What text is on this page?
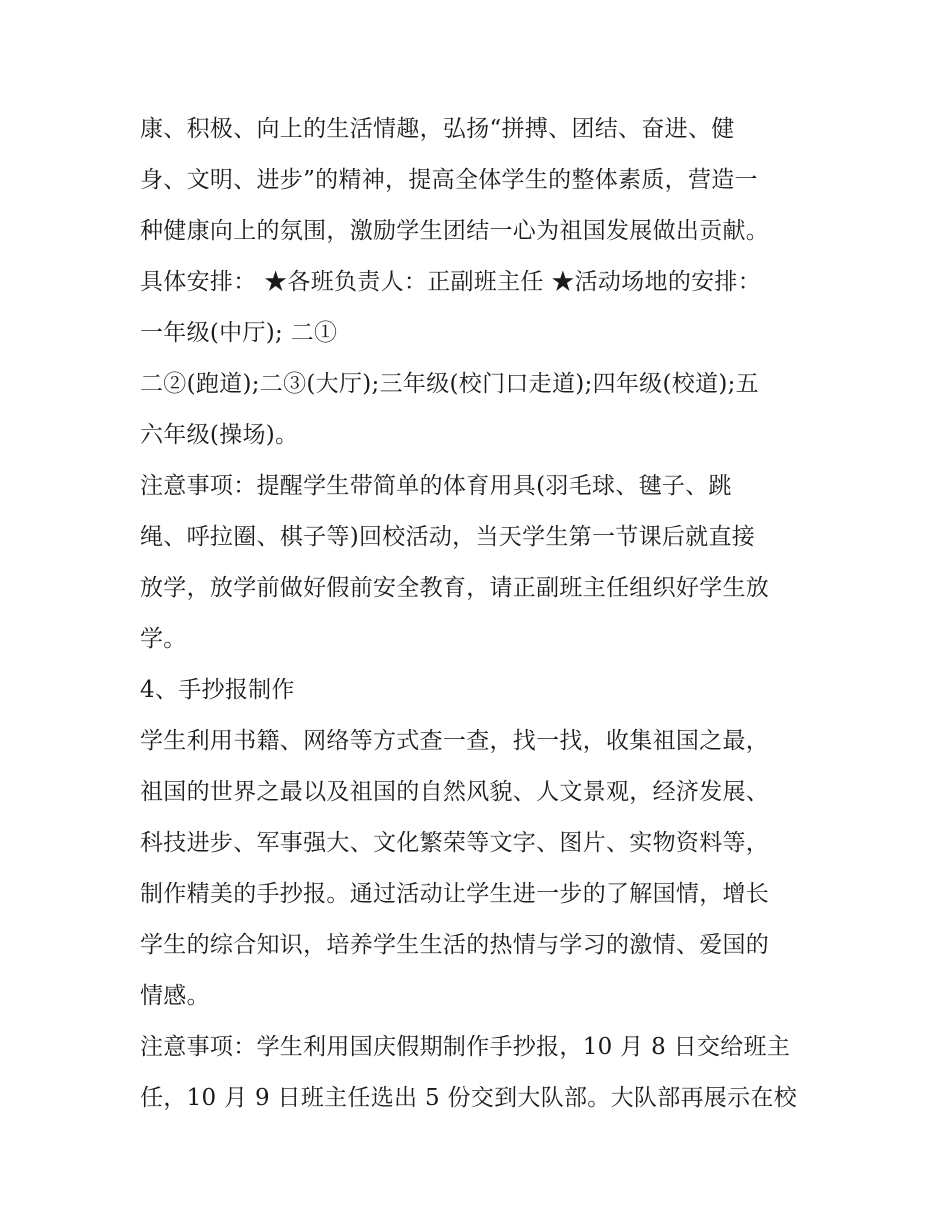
康、积极、向上的生活情趣，弘扬“拼搏、团结、奋进、健
身、文明、进步”的精神，提高全体学生的整体素质，营造一
种健康向上的氛围，激励学生团结一心为祖国发展做出贡献。
具体安排： ★各班负责人：正副班主任 ★活动场地的安排：
一年级(中厅); 二①
二②(跑道);二③(大厅);三年级(校门口走道);四年级(校道);五
六年级(操场)。
注意事项：提醒学生带简单的体育用具(羽毛球、毽子、跳
绳、呼拉圈、棋子等)回校活动，当天学生第一节课后就直接
放学，放学前做好假前安全教育，请正副班主任组织好学生放
学。
4、手抄报制作
学生利用书籍、网络等方式查一查，找一找，收集祖国之最，
祖国的世界之最以及祖国的自然风貌、人文景观，经济发展、
科技进步、军事强大、文化繁荣等文字、图片、实物资料等，
制作精美的手抄报。通过活动让学生进一步的了解国情，增长
学生的综合知识，培养学生生活的热情与学习的激情、爱国的
情感。
注意事项：学生利用国庆假期制作手抄报，10 月 8 日交给班主
任，10 月 9 日班主任选出 5 份交到大队部。大队部再展示在校
